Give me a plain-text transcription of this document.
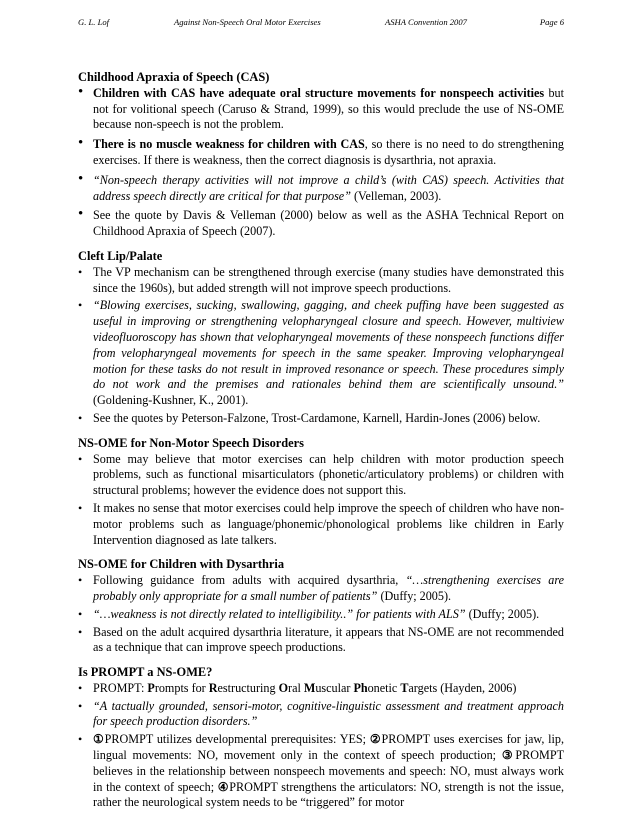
G. L. Lof	Against Non-Speech Oral Motor Exercises	ASHA Convention 2007	Page 6
Childhood Apraxia of Speech (CAS)
• Children with CAS have adequate oral structure movements for nonspeech activities but not for volitional speech (Caruso & Strand, 1999), so this would preclude the use of NS-OME because non-speech is not the problem.
• There is no muscle weakness for children with CAS, so there is no need to do strengthening exercises. If there is weakness, then the correct diagnosis is dysarthria, not apraxia.
• “Non-speech therapy activities will not improve a child’s (with CAS) speech. Activities that address speech directly are critical for that purpose” (Velleman, 2003).
• See the quote by Davis & Velleman (2000) below as well as the ASHA Technical Report on Childhood Apraxia of Speech (2007).
Cleft Lip/Palate
• The VP mechanism can be strengthened through exercise (many studies have demonstrated this since the 1960s), but added strength will not improve speech productions.
• “Blowing exercises, sucking, swallowing, gagging, and cheek puffing have been suggested as useful in improving or strengthening velopharyngeal closure and speech. However, multiview videofluoroscopy has shown that velopharyngeal movements of these nonspeech functions differ from velopharyngeal movements for speech in the same speaker. Improving velopharyngeal motion for these tasks do not result in improved resonance or speech. These procedures simply do not work and the premises and rationales behind them are scientifically unsound.” (Goldening-Kushner, K., 2001).
• See the quotes by Peterson-Falzone, Trost-Cardamone, Karnell, Hardin-Jones (2006) below.
NS-OME for Non-Motor Speech Disorders
• Some may believe that motor exercises can help children with motor production speech problems, such as functional misarticulators (phonetic/articulatory problems) or children with structural problems; however the evidence does not support this.
• It makes no sense that motor exercises could help improve the speech of children who have non-motor problems such as language/phonemic/phonological problems like children in Early Intervention diagnosed as late talkers.
NS-OME for Children with Dysarthria
• Following guidance from adults with acquired dysarthria, “…strengthening exercises are probably only appropriate for a small number of patients” (Duffy; 2005).
• “…weakness is not directly related to intelligibility..” for patients with ALS” (Duffy; 2005).
• Based on the adult acquired dysarthria literature, it appears that NS-OME are not recommended as a technique that can improve speech productions.
Is PROMPT a NS-OME?
• PROMPT: Prompts for Restructuring Oral Muscular Phonetic Targets (Hayden, 2006)
• “A tactually grounded, sensori-motor, cognitive-linguistic assessment and treatment approach for speech production disorders.”
• ①PROMPT utilizes developmental prerequisites: YES; ②PROMPT uses exercises for jaw, lip, lingual movements: NO, movement only in the context of speech production; ③PROMPT believes in the relationship between nonspeech movements and speech: NO, must always work in the context of speech; ④PROMPT strengthens the articulators: NO, strength is not the issue, rather the neurological system needs to be “triggered” for motor
